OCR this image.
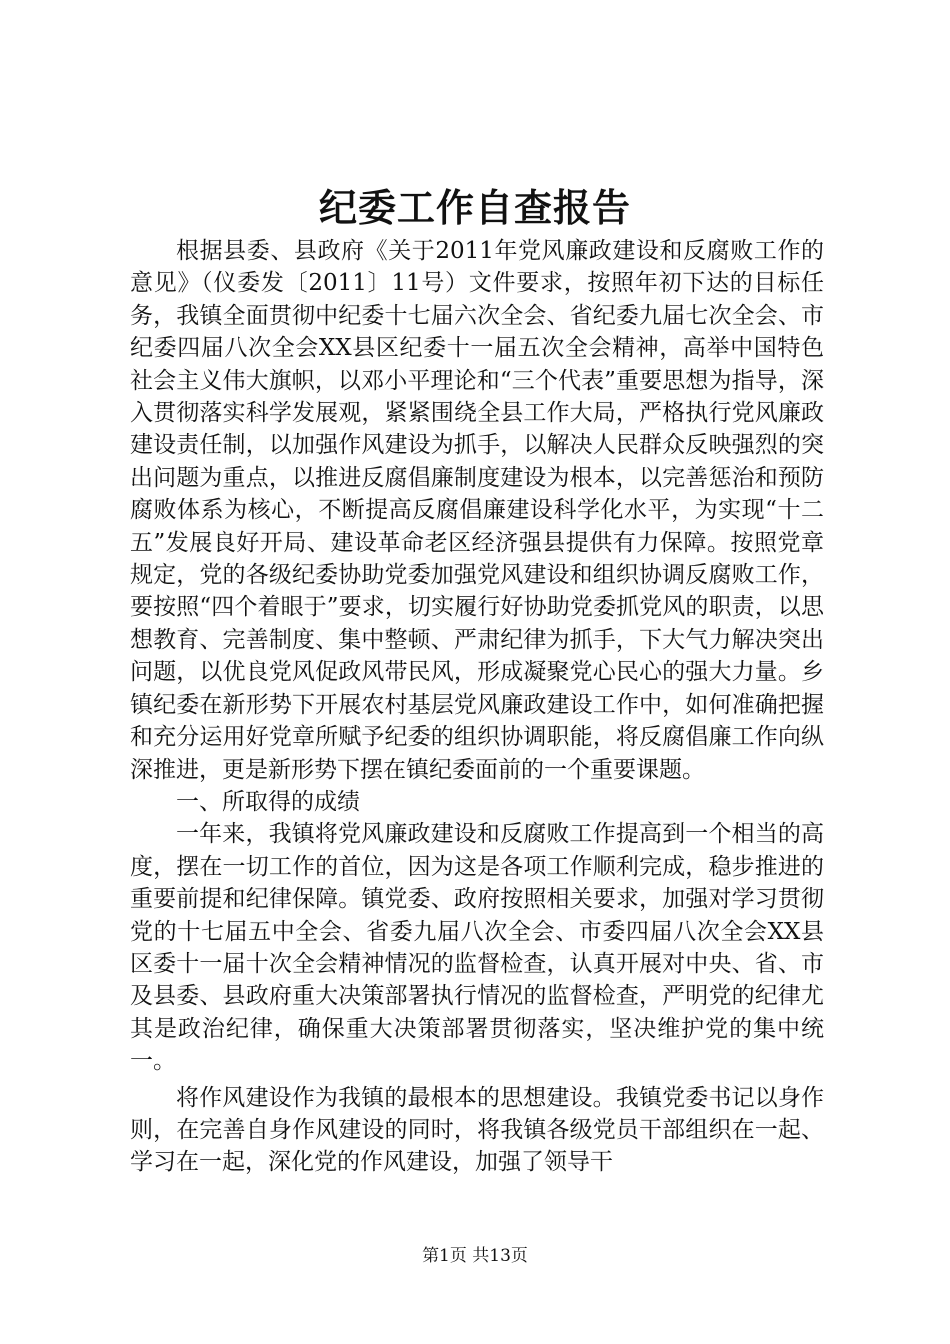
纪委工作自查报告

根据县委、县政府《关于2011年党风廉政建设和反腐败工作的意见》（仪委发〔2011〕11号）文件要求，按照年初下达的目标任务，我镇全面贯彻中纪委十七届六次全会、省纪委九届七次全会、市纪委四届八次全会XX县区纪委十一届五次全会精神，高举中国特色社会主义伟大旗帜，以邓小平理论和“三个代表”重要思想为指导，深入贯彻落实科学发展观，紧紧围绕全县工作大局，严格执行党风廉政建设责任制，以加强作风建设为抓手，以解决人民群众反映强烈的突出问题为重点，以推进反腐倡廉制度建设为根本，以完善惩治和预防腐败体系为核心，不断提高反腐倡廉建设科学化水平，为实现“十二五”发展良好开局、建设革命老区经济强县提供有力保障。按照党章规定，党的各级纪委协助党委加强党风建设和组织协调反腐败工作，要按照“四个着眼于”要求，切实履行好协助党委抓党风的职责，以思想教育、完善制度、集中整顿、严肃纪律为抓手，下大气力解决突出问题，以优良党风促政风带民风，形成凝聚党心民心的强大力量。乡镇纪委在新形势下开展农村基层党风廉政建设工作中，如何准确把握和充分运用好党章所赋予纪委的组织协调职能，将反腐倡廉工作向纵深推进，更是新形势下摆在镇纪委面前的一个重要课题。

一、所取得的成绩

一年来，我镇将党风廉政建设和反腐败工作提高到一个相当的高度，摆在一切工作的首位，因为这是各项工作顺利完成，稳步推进的重要前提和纪律保障。镇党委、政府按照相关要求，加强对学习贯彻党的十七届五中全会、省委九届八次全会、市委四届八次全会XX县区委十一届十次全会精神情况的监督检查，认真开展对中央、省、市及县委、县政府重大决策部署执行情况的监督检查，严明党的纪律尤其是政治纪律，确保重大决策部署贯彻落实，坚决维护党的集中统一。

将作风建设作为我镇的最根本的思想建设。我镇党委书记以身作则，在完善自身作风建设的同时，将我镇各级党员干部组织在一起、学习在一起，深化党的作风建设，加强了领导干

第1页 共13页
